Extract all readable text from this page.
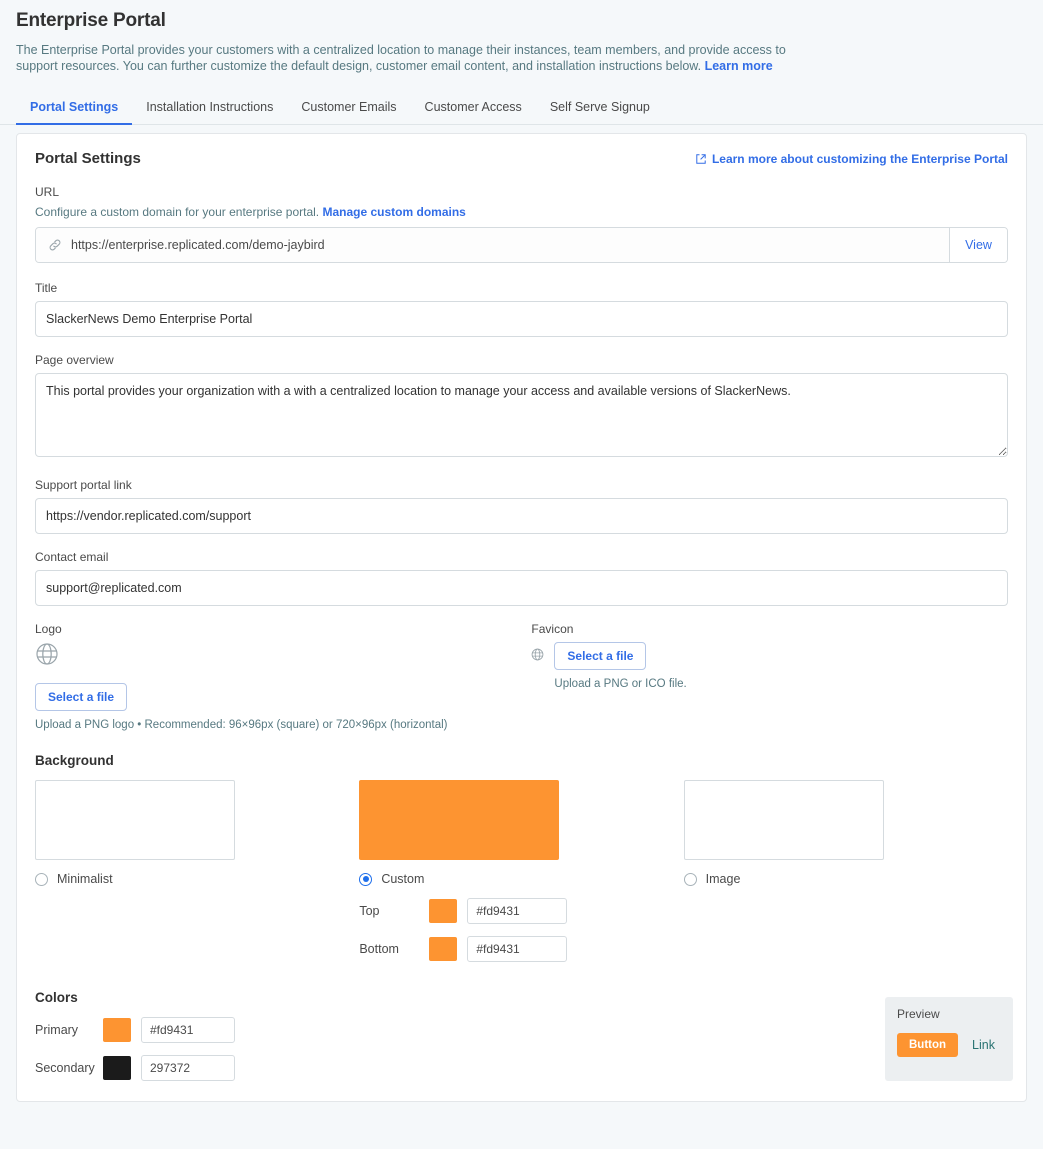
Enterprise Portal

The Enterprise Portal provides your customers with a centralized location to manage their instances, team members, and provide access to support resources. You can further customize the default design, customer email content, and installation instructions below. Learn more

Portal Settings	Installation Instructions	Customer Emails	Customer Access	Self Serve Signup
Portal Settings	Learn more about customizing the Enterprise Portal
URL
Configure a custom domain for your enterprise portal. Manage custom domains
https://enterprise.replicated.com/demo-jaybird	View
Title
SlackerNews Demo Enterprise Portal
Page overview
This portal provides your organization with a with a centralized location to manage your access and available versions of SlackerNews.
Support portal link
https://vendor.replicated.com/support
Contact email
support@replicated.com
Logo
Select a file
Upload a PNG logo • Recommended: 96×96px (square) or 720×96px (horizontal)
Favicon
Select a file
Upload a PNG or ICO file.
Background
Minimalist	Custom
Top
#fd9431
Bottom
#fd9431
Image
Colors
Primary
#fd9431
Secondary
297372
Preview
Button	Link
